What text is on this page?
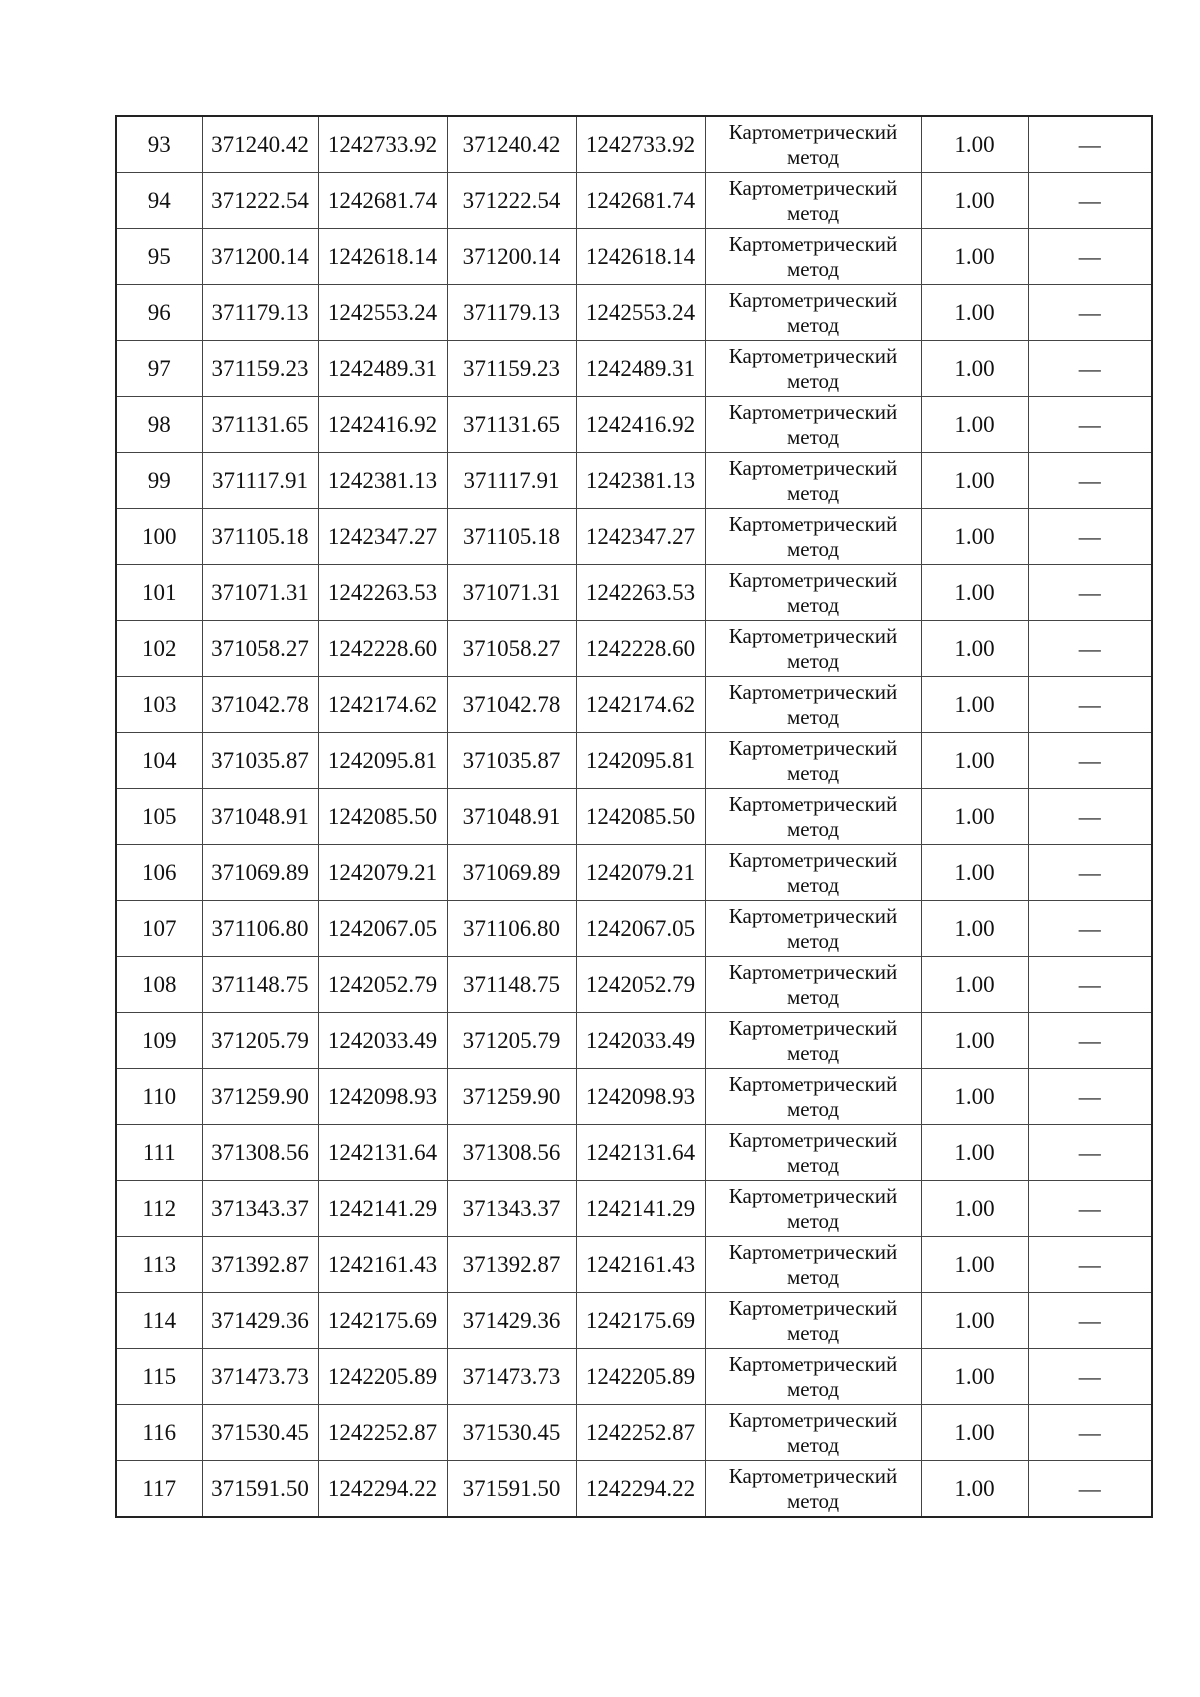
93	371240.42	1242733.92	371240.42	1242733.92	Картометрический
метод	1.00	—
94	371222.54	1242681.74	371222.54	1242681.74	Картометрический
метод	1.00	—
95	371200.14	1242618.14	371200.14	1242618.14	Картометрический
метод	1.00	—
96	371179.13	1242553.24	371179.13	1242553.24	Картометрический
метод	1.00	—
97	371159.23	1242489.31	371159.23	1242489.31	Картометрический
метод	1.00	—
98	371131.65	1242416.92	371131.65	1242416.92	Картометрический
метод	1.00	—
99	371117.91	1242381.13	371117.91	1242381.13	Картометрический
метод	1.00	—
100	371105.18	1242347.27	371105.18	1242347.27	Картометрический
метод	1.00	—
101	371071.31	1242263.53	371071.31	1242263.53	Картометрический
метод	1.00	—
102	371058.27	1242228.60	371058.27	1242228.60	Картометрический
метод	1.00	—
103	371042.78	1242174.62	371042.78	1242174.62	Картометрический
метод	1.00	—
104	371035.87	1242095.81	371035.87	1242095.81	Картометрический
метод	1.00	—
105	371048.91	1242085.50	371048.91	1242085.50	Картометрический
метод	1.00	—
106	371069.89	1242079.21	371069.89	1242079.21	Картометрический
метод	1.00	—
107	371106.80	1242067.05	371106.80	1242067.05	Картометрический
метод	1.00	—
108	371148.75	1242052.79	371148.75	1242052.79	Картометрический
метод	1.00	—
109	371205.79	1242033.49	371205.79	1242033.49	Картометрический
метод	1.00	—
110	371259.90	1242098.93	371259.90	1242098.93	Картометрический
метод	1.00	—
111	371308.56	1242131.64	371308.56	1242131.64	Картометрический
метод	1.00	—
112	371343.37	1242141.29	371343.37	1242141.29	Картометрический
метод	1.00	—
113	371392.87	1242161.43	371392.87	1242161.43	Картометрический
метод	1.00	—
114	371429.36	1242175.69	371429.36	1242175.69	Картометрический
метод	1.00	—
115	371473.73	1242205.89	371473.73	1242205.89	Картометрический
метод	1.00	—
116	371530.45	1242252.87	371530.45	1242252.87	Картометрический
метод	1.00	—
117	371591.50	1242294.22	371591.50	1242294.22	Картометрический
метод	1.00	—
